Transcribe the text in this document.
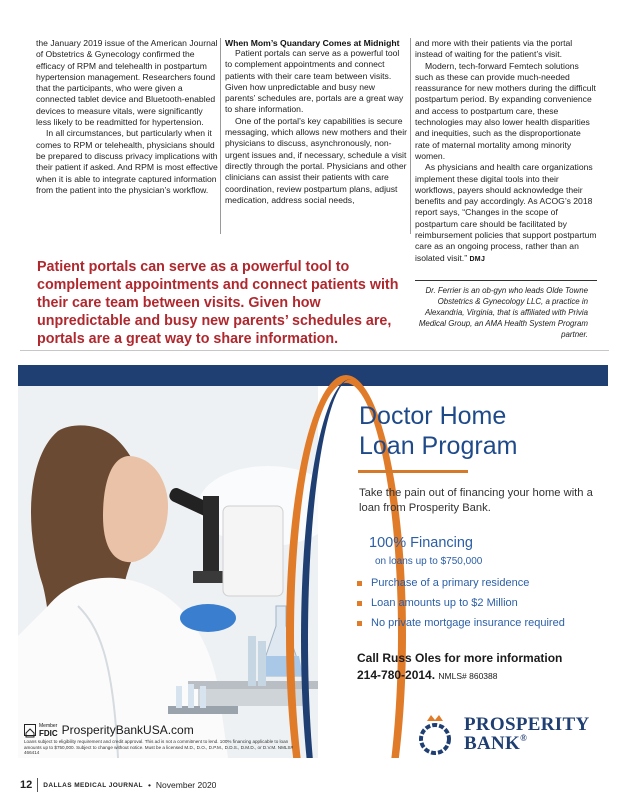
the January 2019 issue of the American Journal of Obstetrics & Gynecology confirmed the efficacy of RPM and telehealth in postpartum hypertension management. Researchers found that the participants, who were given a connected tablet device and Bluetooth-enabled devices to measure vitals, were significantly less likely to be readmitted for hypertension.

In all circumstances, but particularly when it comes to RPM or telehealth, physicians should be prepared to discuss privacy implications with their patient if asked. And RPM is most effective when it is able to integrate captured information from the patient into the physician’s workflow.

When Mom’s Quandary Comes at Midnight

Patient portals can serve as a powerful tool to complement appointments and connect patients with their care team between visits. Given how unpredictable and busy new parents’ schedules are, portals are a great way to share information.

One of the portal’s key capabilities is secure messaging, which allows new mothers and their physicians to discuss, asynchronously, non-urgent issues and, if necessary, schedule a visit directly through the portal. Physicians and other clinicians can assist their patients with care coordination, review postpartum plans, adjust medication, address social needs,

and more with their patients via the portal instead of waiting for the patient’s visit.

Modern, tech-forward Femtech solutions such as these can provide much-needed reassurance for new mothers during the difficult postpartum period. By expanding convenience and access to postpartum care, these technologies may also lower health disparities and inequities, such as the disproportionate rate of maternal mortality among minority women.

As physicians and health care organizations implement these digital tools into their workflows, payers should acknowledge their benefits and pay accordingly. As ACOG’s 2018 report says, “Changes in the scope of postpartum care should be facilitated by reimbursement policies that support postpartum care as an ongoing process, rather than an isolated visit.” DMJ

Patient portals can serve as a powerful tool to complement appointments and connect patients with their care team between visits. Given how unpredictable and busy new parents’ schedules are, portals are a great way to share information.
Dr. Ferrier is an ob-gyn who leads Olde Towne Obstetrics & Gynecology LLC, a practice in Alexandria, Virginia, that is affiliated with Privia Medical Group, an AMA Health System Program partner.
Doctor Home
Loan Program
Take the pain out of financing your home with a loan from Prosperity Bank.
100% Financing
on loans up to $750,000
Purchase of a primary residence
Loan amounts up to $2 Million
No private mortgage insurance required
Call Russ Oles for more information
214-780-2014. NMLS# 860388
PROSPERITY
BANK®
Member
FDIC ProsperityBankUSA.com
Loans subject to eligibility requirement and credit approval. This ad is not a commitment to lend. 100% financing applicable to loan amounts up to $750,000. Subject to change without notice. Must be a licensed M.D., D.O., D.P.M., D.D.S., D.M.D., or D.V.M. NMLS# 466414
12 DALLAS MEDICAL JOURNAL • November 2020
